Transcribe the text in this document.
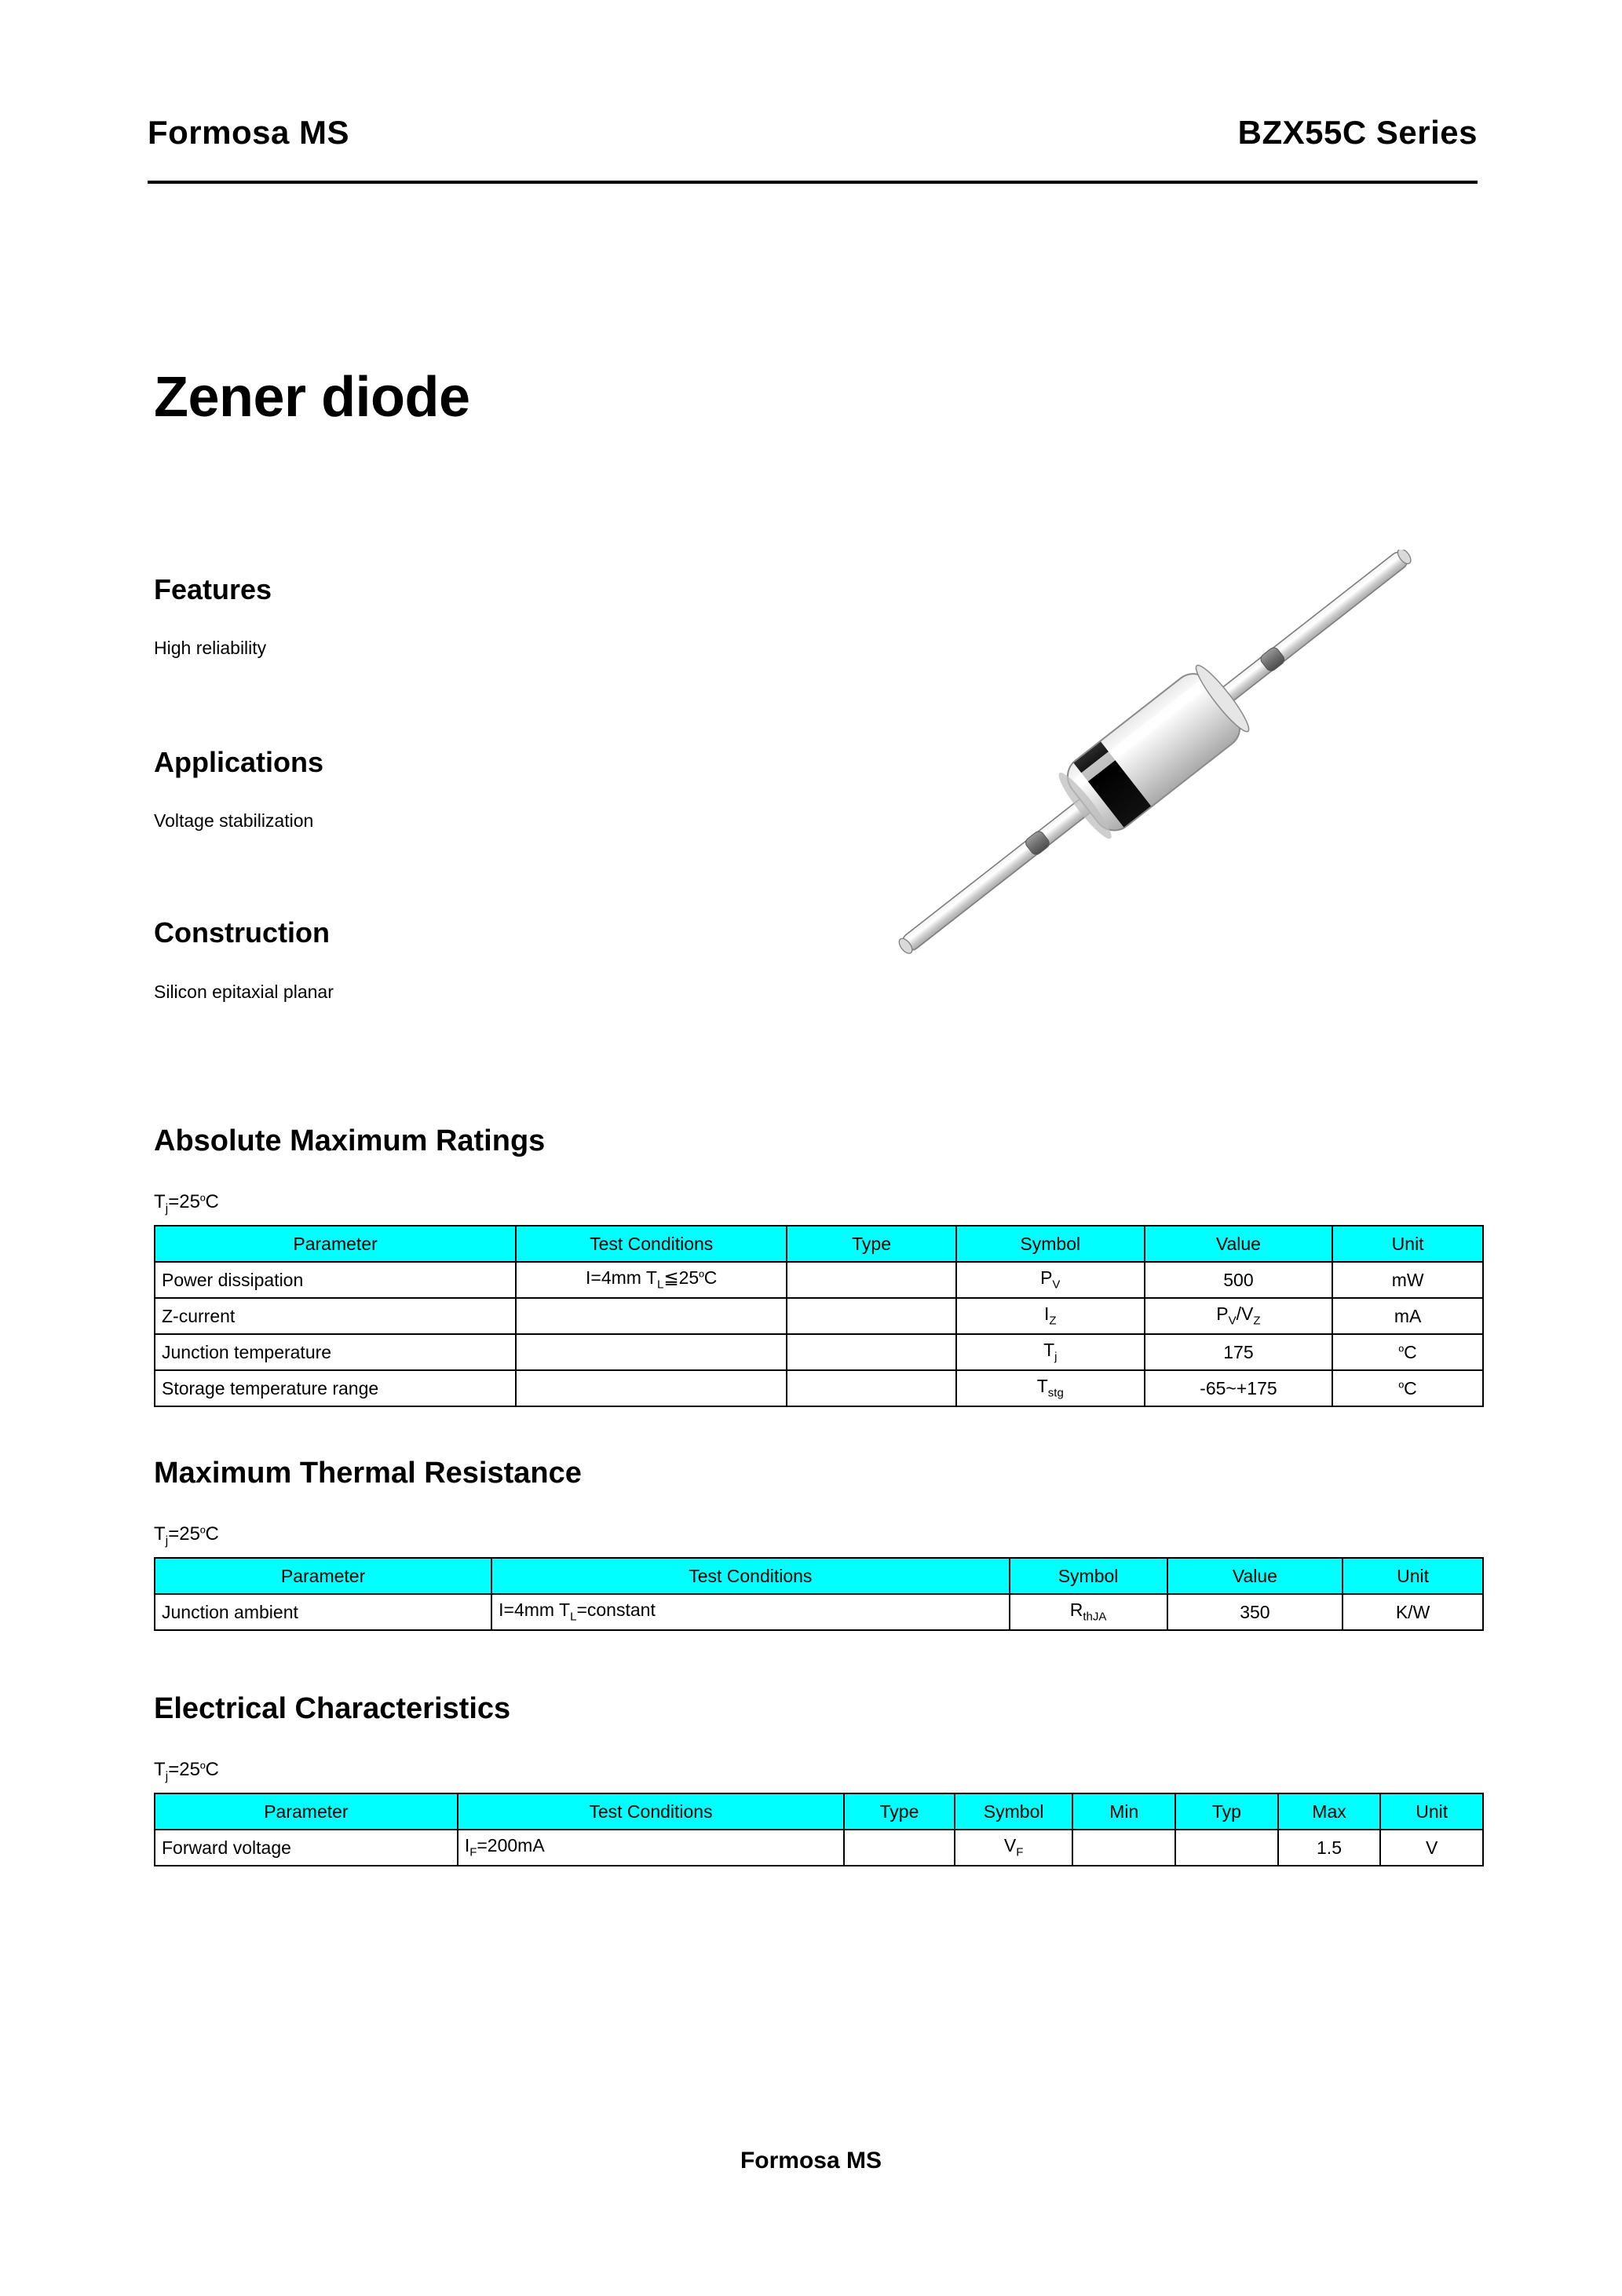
Formosa MS	BZX55C Series
Zener diode
Features
High reliability
Applications
Voltage stabilization
Construction
Silicon epitaxial planar
Absolute Maximum Ratings
$T_j=25ºC$
Parameter	Test Conditions	Type	Symbol	Value	Unit
Power dissipation	I=4mm $T_L≦25ºC$		$P_V$	500	mW
Z-current			$I_Z$	$P_V/V_Z$	mA
Junction temperature			$T_j$	175	ºC
Storage temperature range			$T_{stg}$	-65~+175	ºC
Maximum Thermal Resistance
$T_j=25ºC$
Parameter	Test Conditions	Symbol	Value	Unit
Junction ambient	I=4mm $T_L=constant$	$R_{thJA}$	350	K/W
Electrical Characteristics
$T_j=25ºC$
Parameter	Test Conditions	Type	Symbol	Min	Typ	Max	Unit
Forward voltage	$I_F=200mA$		$V_F$			1.5	V
Formosa MS
